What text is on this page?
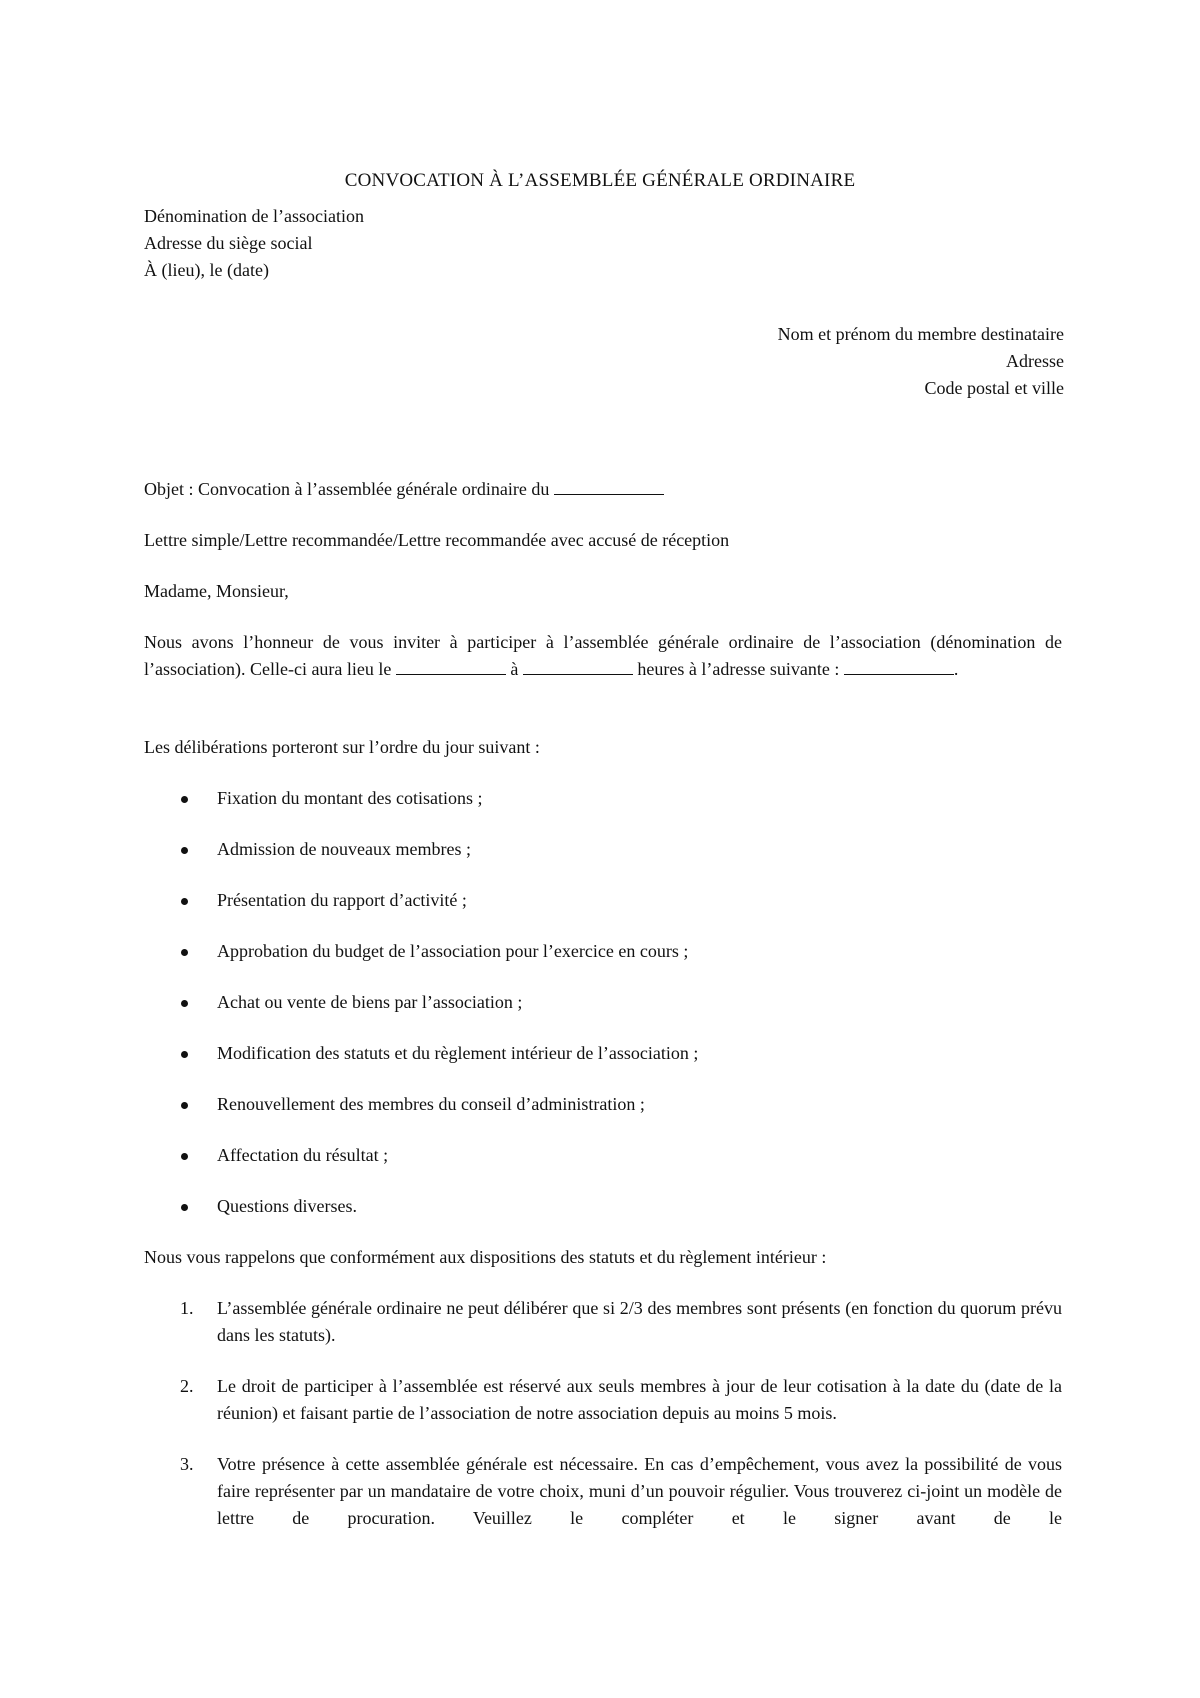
CONVOCATION À L’ASSEMBLÉE GÉNÉRALE ORDINAIRE

Dénomination de l’association

Adresse du siège social

À (lieu), le (date)

Nom et prénom du membre destinataire

Adresse

Code postal et ville

Objet : Convocation à l’assemblée générale ordinaire du

Lettre simple/Lettre recommandée/Lettre recommandée avec accusé de réception

Madame, Monsieur,

Nous avons l’honneur de vous inviter à participer à l’assemblée générale ordinaire de l’association (dénomination de l’association). Celle-ci aura lieu le	à	heures à l’adresse suivante :	.

Les délibérations porteront sur l’ordre du jour suivant :

Fixation du montant des cotisations ;
Admission de nouveaux membres ;
Présentation du rapport d’activité ;
Approbation du budget de l’association pour l’exercice en cours ;
Achat ou vente de biens par l’association ;
Modification des statuts et du règlement intérieur de l’association ;
Renouvellement des membres du conseil d’administration ;
Affectation du résultat ;
Questions diverses.

Nous vous rappelons que conformément aux dispositions des statuts et du règlement intérieur :

1. L’assemblée générale ordinaire ne peut délibérer que si 2/3 des membres sont présents (en fonction du quorum prévu dans les statuts).
2. Le droit de participer à l’assemblée est réservé aux seuls membres à jour de leur cotisation à la date du (date de la réunion) et faisant partie de l’association de notre association depuis au moins 5 mois.
3. Votre présence à cette assemblée générale est nécessaire. En cas d’empêchement, vous avez la possibilité de vous faire représenter par un mandataire de votre choix, muni d’un pouvoir régulier. Vous trouverez ci-joint un modèle de lettre de procuration. Veuillez le compléter et le signer avant de le
